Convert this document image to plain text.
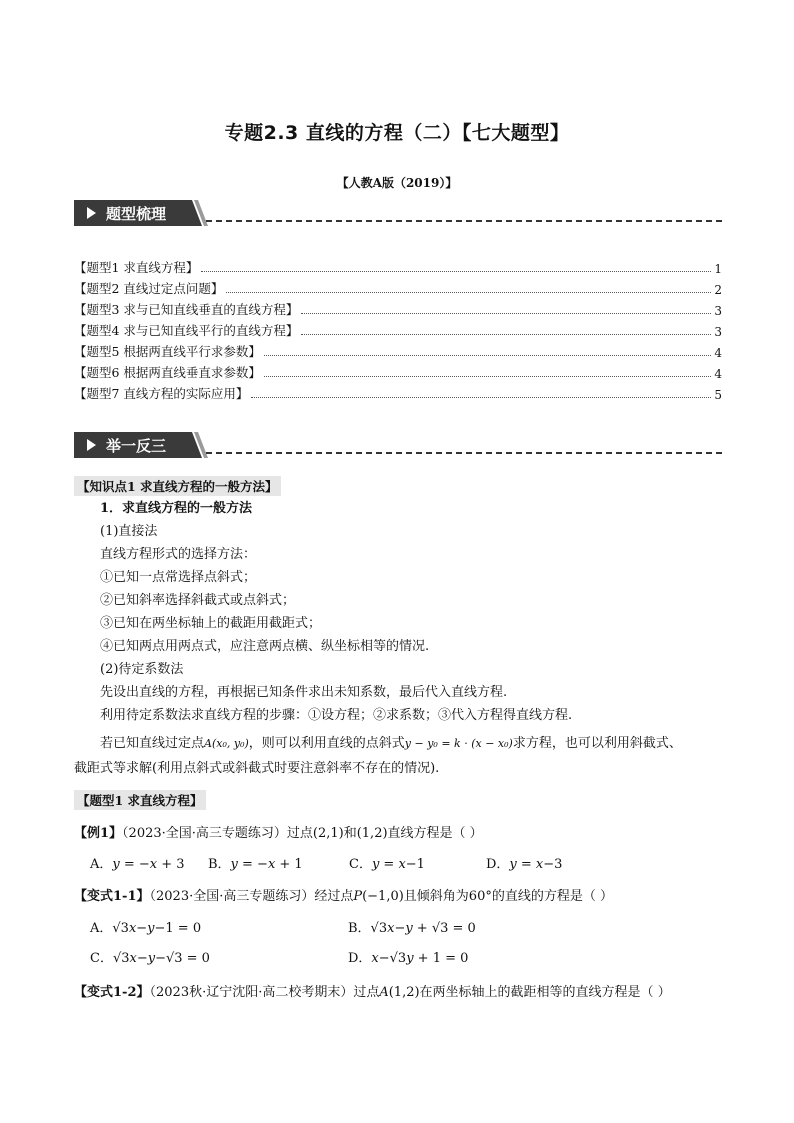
专题2.3 直线的方程（二）【七大题型】
【人教A版（2019）】
题型梳理
【题型1 求直线方程】	1
【题型2 直线过定点问题】	2
【题型3 求与已知直线垂直的直线方程】	3
【题型4 求与已知直线平行的直线方程】	3
【题型5 根据两直线平行求参数】	4
【题型6 根据两直线垂直求参数】	4
【题型7 直线方程的实际应用】	5
举一反三
【知识点1 求直线方程的一般方法】
1．求直线方程的一般方法
(1)直接法
直线方程形式的选择方法：
①已知一点常选择点斜式；
②已知斜率选择斜截式或点斜式；
③已知在两坐标轴上的截距用截距式；
④已知两点用两点式，应注意两点横、纵坐标相等的情况.
(2)待定系数法
先设出直线的方程，再根据已知条件求出未知系数，最后代入直线方程.
利用待定系数法求直线方程的步骤：①设方程；②求系数；③代入方程得直线方程.
若已知直线过定点A(x₀, y₀)，则可以利用直线的点斜式y − y₀ = k · (x − x₀)求方程，也可以利用斜截式、
截距式等求解(利用点斜式或斜截式时要注意斜率不存在的情况).
【题型1 求直线方程】
【例1】（2023·全国·高三专题练习）过点(2,1)和(1,2)直线方程是（ ）
A．𝑦 = −𝑥 + 3 B．𝑦 = −𝑥 + 1	C．𝑦 = 𝑥−1	D．𝑦 = 𝑥−3
【变式1-1】（2023·全国·高三专题练习）经过点𝑃(−1,0)且倾斜角为60°的直线的方程是（ ）
A．√3𝑥−𝑦−1 = 0	B．√3𝑥−𝑦 + √3 = 0
C．√3𝑥−𝑦−√3 = 0	D．𝑥−√3𝑦 + 1 = 0
【变式1-2】（2023秋·辽宁沈阳·高二校考期末）过点𝐴(1,2)在两坐标轴上的截距相等的直线方程是（ ）
